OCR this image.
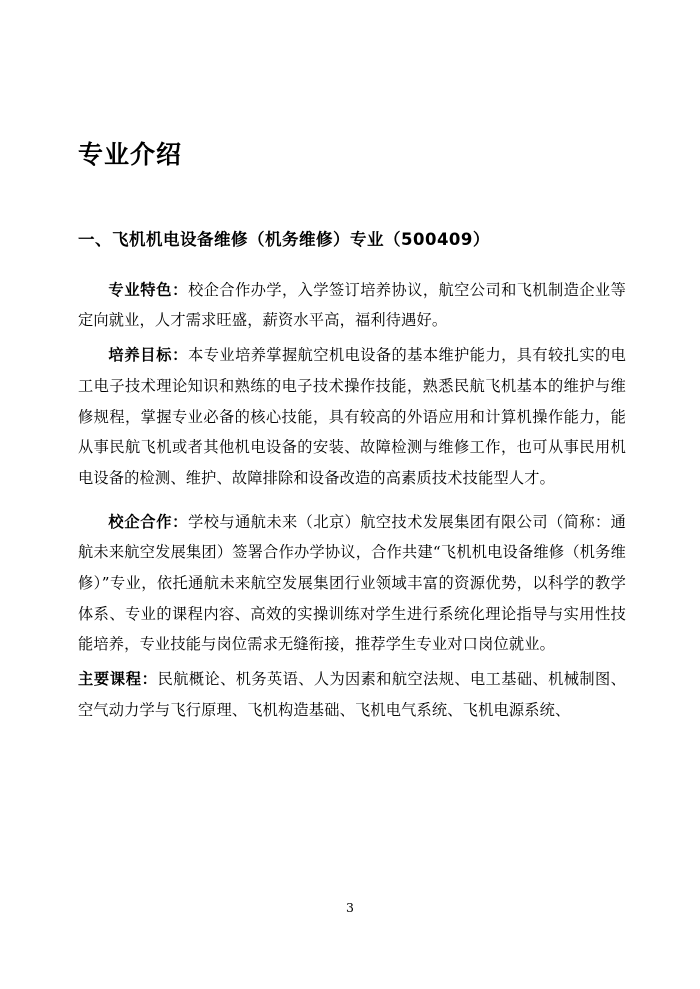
专业介绍
一、飞机机电设备维修（机务维修）专业（500409）

专业特色：校企合作办学，入学签订培养协议，航空公司和飞机制造企业等定向就业，人才需求旺盛，薪资水平高，福利待遇好。

培养目标：本专业培养掌握航空机电设备的基本维护能力，具有较扎实的电工电子技术理论知识和熟练的电子技术操作技能，熟悉民航飞机基本的维护与维修规程，掌握专业必备的核心技能，具有较高的外语应用和计算机操作能力，能从事民航飞机或者其他机电设备的安装、故障检测与维修工作，也可从事民用机电设备的检测、维护、故障排除和设备改造的高素质技术技能型人才。

校企合作：学校与通航未来（北京）航空技术发展集团有限公司（简称：通航未来航空发展集团）签署合作办学协议，合作共建“飞机机电设备维修（机务维修）”专业，依托通航未来航空发展集团行业领域丰富的资源优势，以科学的教学体系、专业的课程内容、高效的实操训练对学生进行系统化理论指导与实用性技能培养，专业技能与岗位需求无缝衔接，推荐学生专业对口岗位就业。

主要课程：民航概论、机务英语、人为因素和航空法规、电工基础、机械制图、空气动力学与飞行原理、飞机构造基础、飞机电气系统、飞机电源系统、

3
